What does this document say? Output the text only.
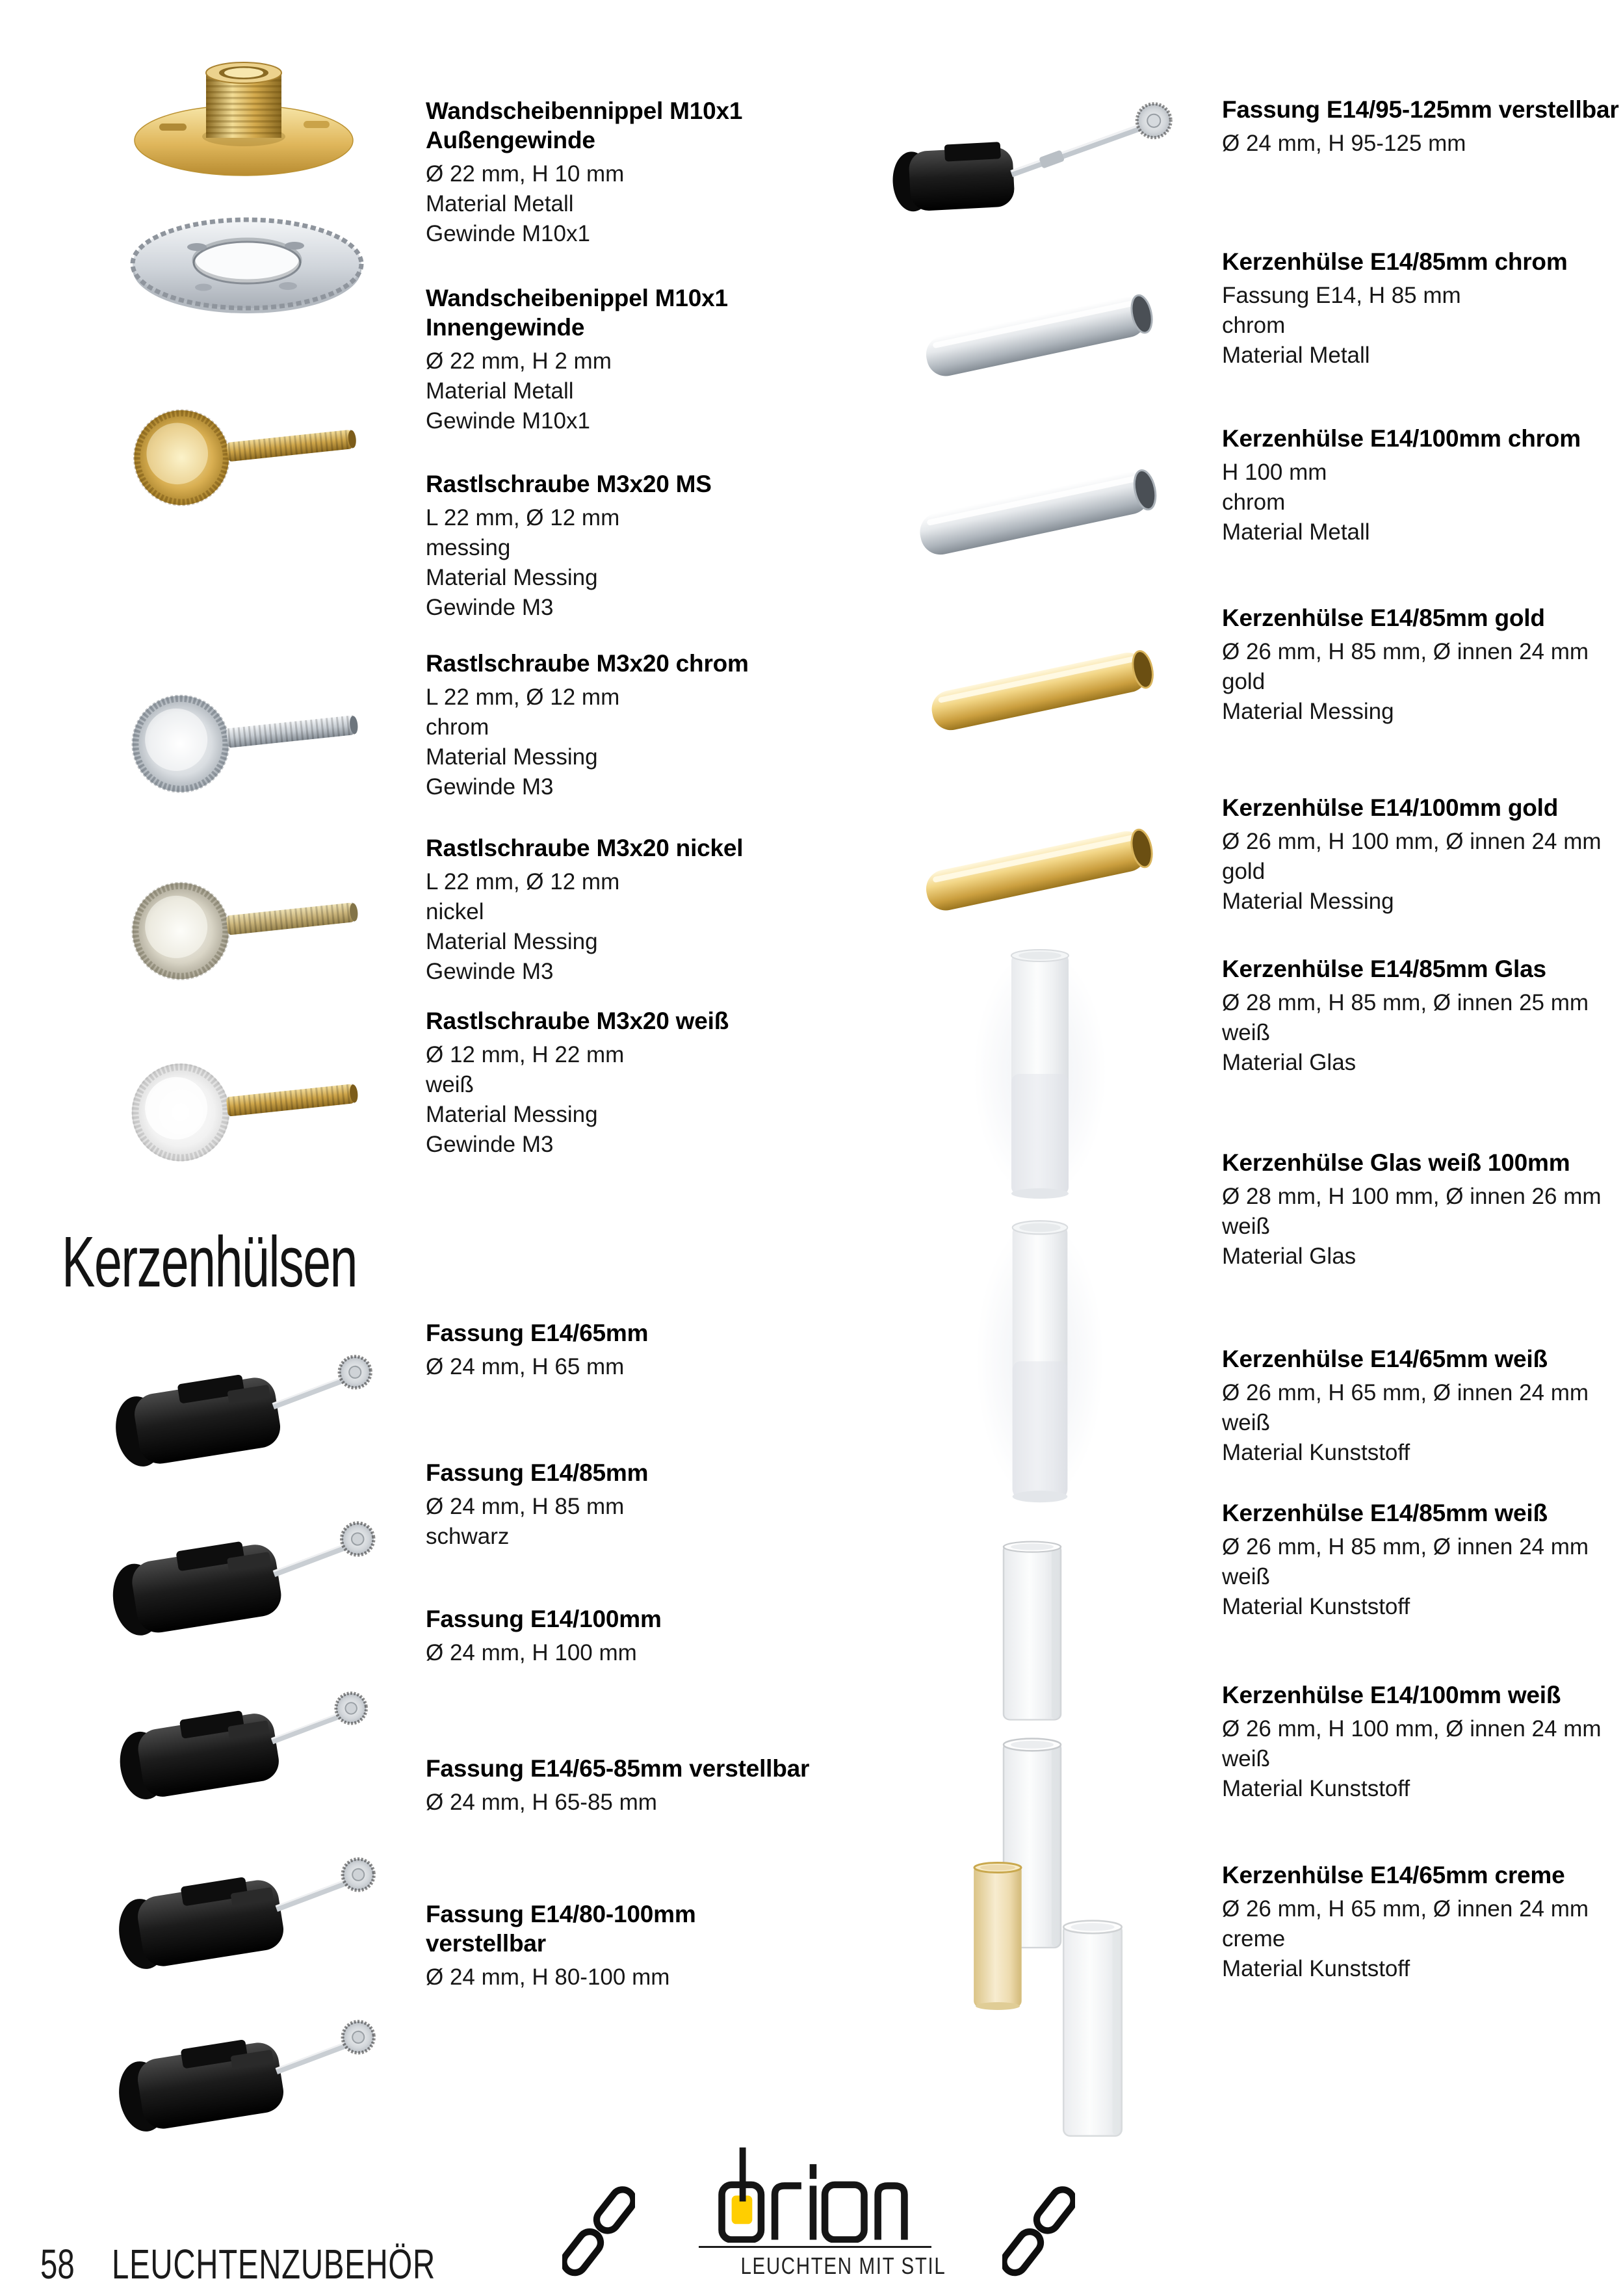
Kerzenhülsen
Wandscheibennippel M10x1 Außengewinde
Ø 22 mm, H 10 mm
Material Metall
Gewinde M10x1
Wandscheibenippel M10x1 Innengewinde
Ø 22 mm, H 2 mm
Material Metall
Gewinde M10x1
Rastlschraube M3x20 MS
L 22 mm, Ø 12 mm
messing
Material Messing
Gewinde M3
Rastlschraube M3x20 chrom
L 22 mm, Ø 12 mm
chrom
Material Messing
Gewinde M3
Rastlschraube M3x20 nickel
L 22 mm, Ø 12 mm
nickel
Material Messing
Gewinde M3
Rastlschraube M3x20 weiß
Ø 12 mm, H 22 mm
weiß
Material Messing
Gewinde M3
Fassung E14/65mm
Ø 24 mm, H 65 mm
Fassung E14/85mm
Ø 24 mm, H 85 mm
schwarz
Fassung E14/100mm
Ø 24 mm, H 100 mm
Fassung E14/65-85mm verstellbar
Ø 24 mm, H 65-85 mm
Fassung E14/80-100mm verstellbar
Ø 24 mm, H 80-100 mm
Fassung E14/95-125mm verstellbar
Ø 24 mm, H 95-125 mm
Kerzenhülse E14/85mm chrom
Fassung E14, H 85 mm
chrom
Material Metall
Kerzenhülse E14/100mm chrom
H 100 mm
chrom
Material Metall
Kerzenhülse E14/85mm gold
Ø 26 mm, H 85 mm, Ø innen 24 mm
gold
Material Messing
Kerzenhülse E14/100mm gold
Ø 26 mm, H 100 mm, Ø innen 24 mm
gold
Material Messing
Kerzenhülse E14/85mm Glas
Ø 28 mm, H 85 mm, Ø innen 25 mm
weiß
Material Glas
Kerzenhülse Glas weiß 100mm
Ø 28 mm, H 100 mm, Ø innen 26 mm
weiß
Material Glas
Kerzenhülse E14/65mm weiß
Ø 26 mm, H 65 mm, Ø innen 24 mm
weiß
Material Kunststoff
Kerzenhülse E14/85mm weiß
Ø 26 mm, H 85 mm, Ø innen 24 mm
weiß
Material Kunststoff
Kerzenhülse E14/100mm weiß
Ø 26 mm, H 100 mm, Ø innen 24 mm
weiß
Material Kunststoff
Kerzenhülse E14/65mm creme
Ø 26 mm, H 65 mm, Ø innen 24 mm
creme
Material Kunststoff
58 LEUCHTENZUBEHÖR	LEUCHTEN MIT STIL
